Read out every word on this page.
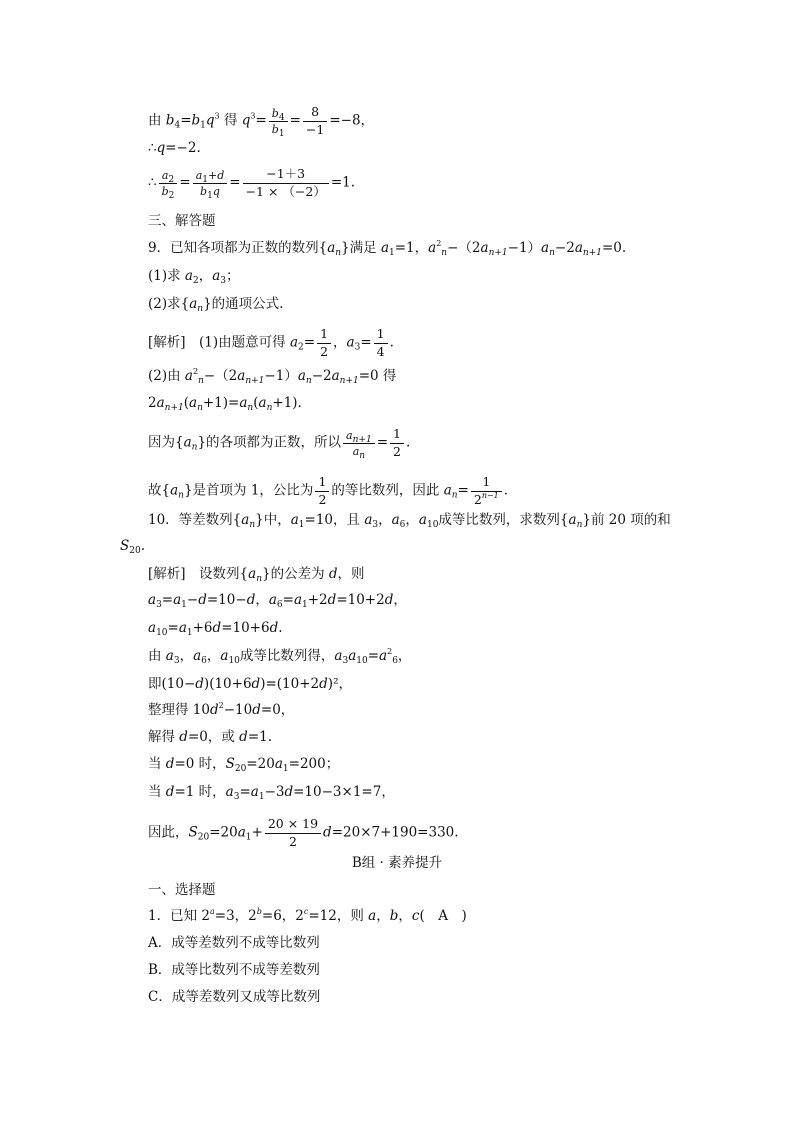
由 $b_4=b_1q^3$ 得 $q^3= \frac{b_4}{b_1} = \frac{8}{-1} =-8$，
∴q=−2.
∴ $\frac{a_2}{b_2} = \frac{a_1+d}{b_1q} = \frac{-1+3}{-1 \times (-2)} =1$.
三、解答题
9．已知各项都为正数的数列$\{a_n\}$满足 $a_1=1$，$a^2_n-(2a_{n+1}-1)a_n-2a_{n+1}=0$.
(1)求 $a_2$，$a_3$；
(2)求$\{a_n\}$的通项公式.
[解析]　(1)由题意可得 $a_2= \frac{1}{2}$ ，$a_3= \frac{1}{4}$ .
(2)由 $a^2_n-(2a_{n+1}-1)a_n-2a_{n+1}=0$ 得
$2a_{n+1}(a_n+1)=a_n(a_n+1)$.
因为$\{a_n\}$的各项都为正数，所以 $\frac{a_{n+1}}{a_n} = \frac{1}{2}$ .
故$\{a_n\}$是首项为 1，公比为 $\frac{1}{2}$ 的等比数列，因此 $a_n= \frac{1}{2^{n-1}}$ .
10．等差数列$\{a_n\}$中，$a_1=10$，且 $a_3$，$a_6$，$a_{10}$成等比数列，求数列$\{a_n\}$前 20 项的和
$S_{20}$.
[解析]　设数列$\{a_n\}$的公差为 d，则
$a_3=a_1-d=10-d$，$a_6=a_1+2d=10+2d$，
$a_{10}=a_1+6d=10+6d$.
由 $a_3$，$a_6$，$a_{10}$成等比数列得，$a_3a_{10}=a^2_6$，
即(10−d)(10+6d)=(10+2d)²，
整理得 $10d^2-10d=0$，
解得 d=0，或 d=1.
当 d=0 时，$S_{20}=20a_1=200$；
当 d=1 时，$a_3=a_1-3d=10-3\times 1=7$，
因此，$S_{20}=20a_1+ \frac{20 \times 19}{2} d=20\times 7+190=330$.
B组 · 素养提升
一、选择题
1．已知 $2^a=3$，$2^b=6$，$2^c=12$，则 a，b，c(　A　)
A．成等差数列不成等比数列
B．成等比数列不成等差数列
C．成等差数列又成等比数列
